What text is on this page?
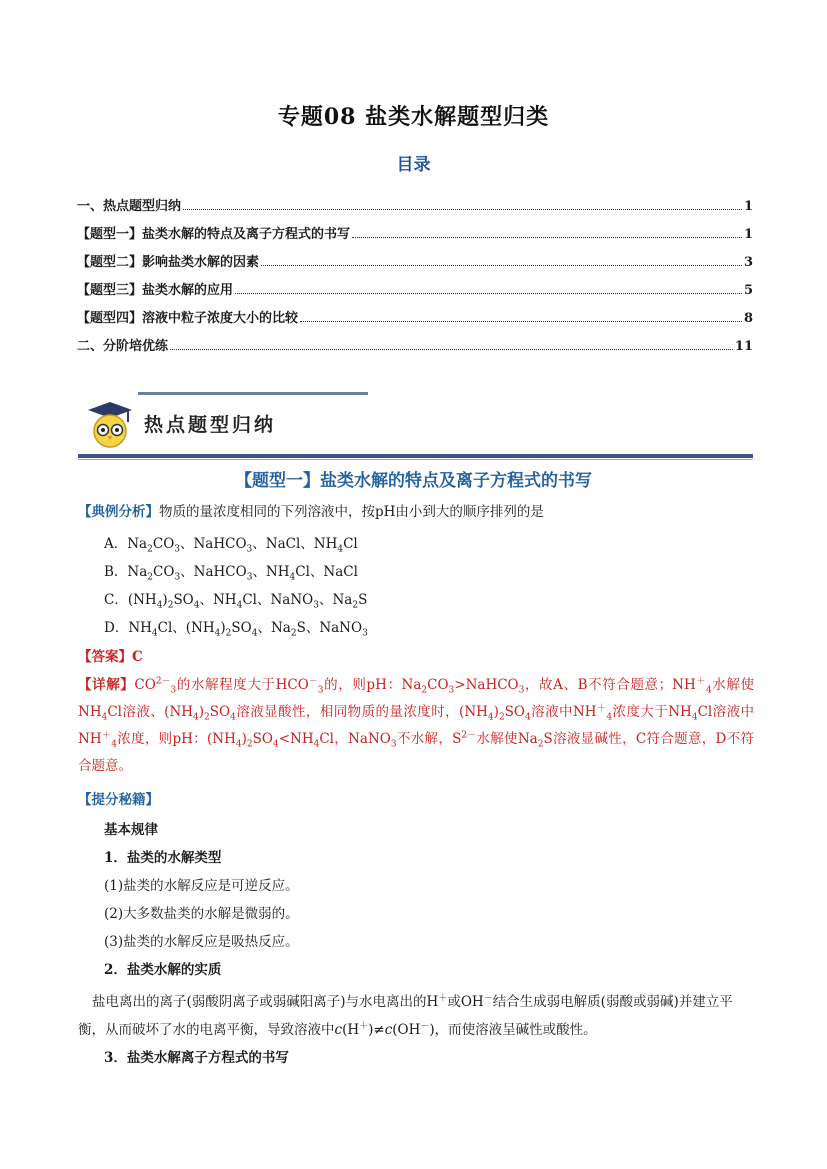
专题08 盐类水解题型归类
目录
一、热点题型归纳	1
【题型一】盐类水解的特点及离子方程式的书写	1
【题型二】影响盐类水解的因素	3
【题型三】盐类水解的应用	5
【题型四】溶液中粒子浓度大小的比较	8
二、分阶培优练	11
热点题型归纳
【题型一】盐类水解的特点及离子方程式的书写
【典例分析】物质的量浓度相同的下列溶液中，按pH由小到大的顺序排列的是
A．$Na_2CO_3$、NaHCO$_3$、NaCl、$NH_4Cl$
B．$Na_2CO_3$、NaHCO$_3$、$NH_4Cl$、NaCl
C．$(NH_4)_2SO_4$、$NH_4Cl$、NaNO$_3$、$Na_2S$
D．$NH_4Cl$、$(NH_4)_2SO_4$、$Na_2S$、NaNO$_3$
【答案】C
【详解】$CO^{2-}_3$的水解程度大于$HCO^-_3$的，则pH：$Na_2CO_3>NaHCO_3$，故A、B不符合题意；$NH^+_4$水解使$NH_4Cl$溶液、$(NH_4)_2SO_4$溶液显酸性，相同物质的量浓度时，$(NH_4)_2SO_4$溶液中$NH^+_4$浓度大于$NH_4Cl$溶液中$NH^+_4$浓度，则pH：$(NH_4)_2SO_4<NH_4Cl$，NaNO$_3$不水解，$S^{2-}$水解使$Na_2S$溶液显碱性，C符合题意，D不符合题意。
【提分秘籍】
基本规律
1．盐类的水解类型
(1)盐类的水解反应是可逆反应。
(2)大多数盐类的水解是微弱的。
(3)盐类的水解反应是吸热反应。
2．盐类水解的实质
盐电离出的离子(弱酸阴离子或弱碱阳离子)与水电离出的H＋或OH－结合生成弱电解质(弱酸或弱碱)并建立平衡，从而破坏了水的电离平衡，导致溶液中c(H＋)≠c(OH－)，而使溶液呈碱性或酸性。
3．盐类水解离子方程式的书写
